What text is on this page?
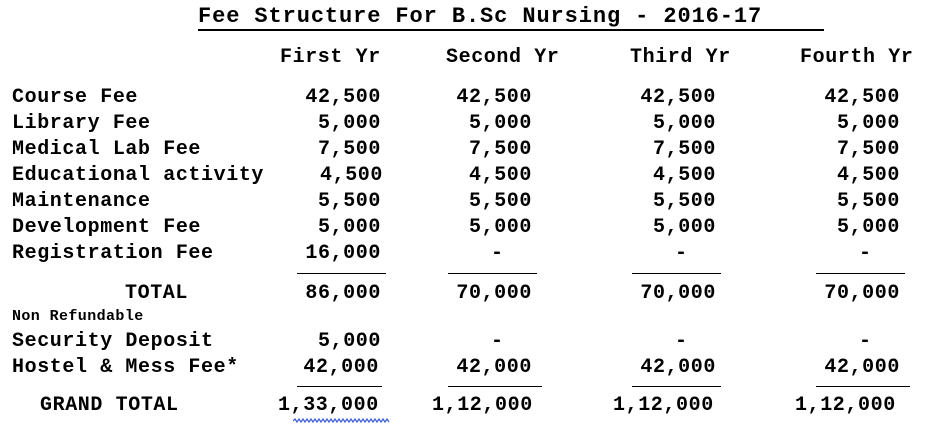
Fee Structure For B.Sc Nursing - 2016-17
First Yr	Second Yr	Third Yr	Fourth Yr
Course Fee	42,500	42,500	42,500	42,500
Library Fee	5,000	5,000	5,000	5,000
Medical Lab Fee	7,500	7,500	7,500	7,500
Educational activity	4,500	4,500	4,500	4,500
Maintenance	5,500	5,500	5,500	5,500
Development Fee	5,000	5,000	5,000	5,000
Registration Fee	16,000	-	-	-
TOTAL	86,000	70,000	70,000	70,000
Non Refundable
Security Deposit	5,000	-	-	-
Hostel & Mess Fee*	42,000	42,000	42,000	42,000
GRAND TOTAL	1,33,000	1,12,000	1,12,000	1,12,000
